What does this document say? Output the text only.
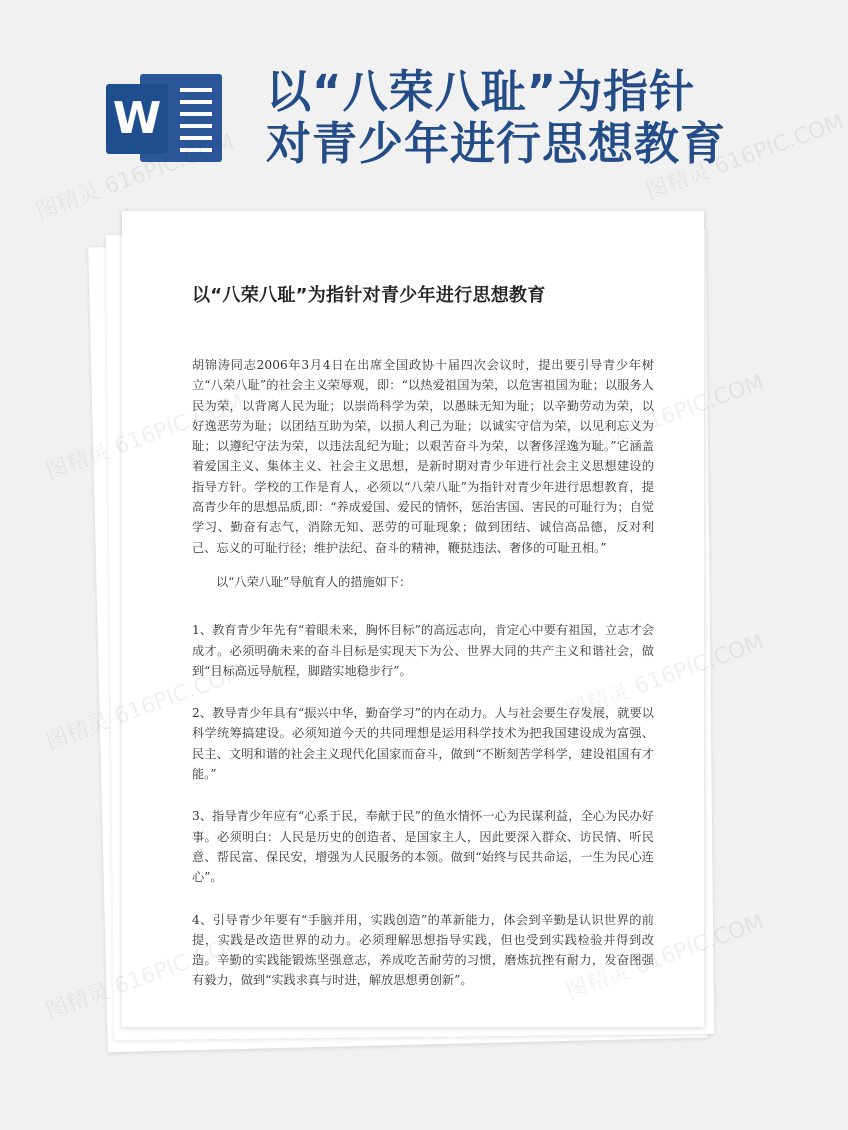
W
以“八荣八耻”为指针
对青少年进行思想教育
以“八荣八耻”为指针对青少年进行思想教育
胡锦涛同志2006年3月4日在出席全国政协十届四次会议时，提出要引导青少年树立“八荣八耻”的社会主义荣辱观，即：“以热爱祖国为荣，以危害祖国为耻；以服务人民为荣，以背离人民为耻；以崇尚科学为荣，以愚昧无知为耻；以辛勤劳动为荣，以好逸恶劳为耻；以团结互助为荣，以损人利己为耻；以诚实守信为荣，以见利忘义为耻；以遵纪守法为荣，以违法乱纪为耻；以艰苦奋斗为荣，以奢侈淫逸为耻。”它涵盖着爱国主义、集体主义、社会主义思想，是新时期对青少年进行社会主义思想建设的指导方针。学校的工作是育人，必须以“八荣八耻”为指针对青少年进行思想教育，提高青少年的思想品质,即：“养成爱国、爱民的情怀，惩治害国、害民的可耻行为；自觉学习、勤奋有志气，消除无知、恶劳的可耻现象；做到团结、诚信高品德，反对利己、忘义的可耻行径；维护法纪、奋斗的精神，鞭挞违法、奢侈的可耻丑相。”
以“八荣八耻”导航育人的措施如下：
1、教育青少年先有“着眼未来，胸怀目标”的高远志向，肯定心中要有祖国，立志才会成才。必须明确未来的奋斗目标是实现天下为公、世界大同的共产主义和谐社会，做到“目标高远导航程，脚踏实地稳步行”。
2、教导青少年具有“振兴中华，勤奋学习”的内在动力。人与社会要生存发展，就要以科学统筹搞建设。必须知道今天的共同理想是运用科学技术为把我国建设成为富强、民主、文明和谐的社会主义现代化国家而奋斗，做到“不断刻苦学科学，建设祖国有才能。”
3、指导青少年应有“心系于民，奉献于民”的鱼水情怀一心为民谋利益，全心为民办好事。必须明白：人民是历史的创造者、是国家主人，因此要深入群众、访民情、听民意、帮民富、保民安，增强为人民服务的本领。做到“始终与民共命运，一生为民心连心”。
4、引导青少年要有“手脑并用，实践创造”的革新能力，体会到辛勤是认识世界的前提，实践是改造世界的动力。必须理解思想指导实践，但也受到实践检验并得到改造。辛勤的实践能锻炼坚强意志，养成吃苦耐劳的习惯，磨炼抗挫有耐力，发奋图强有毅力，做到“实践求真与时进，解放思想勇创新”。
图精灵 616PIC.COM	图精灵 616PIC.COM
图精灵
图精灵
图精灵
